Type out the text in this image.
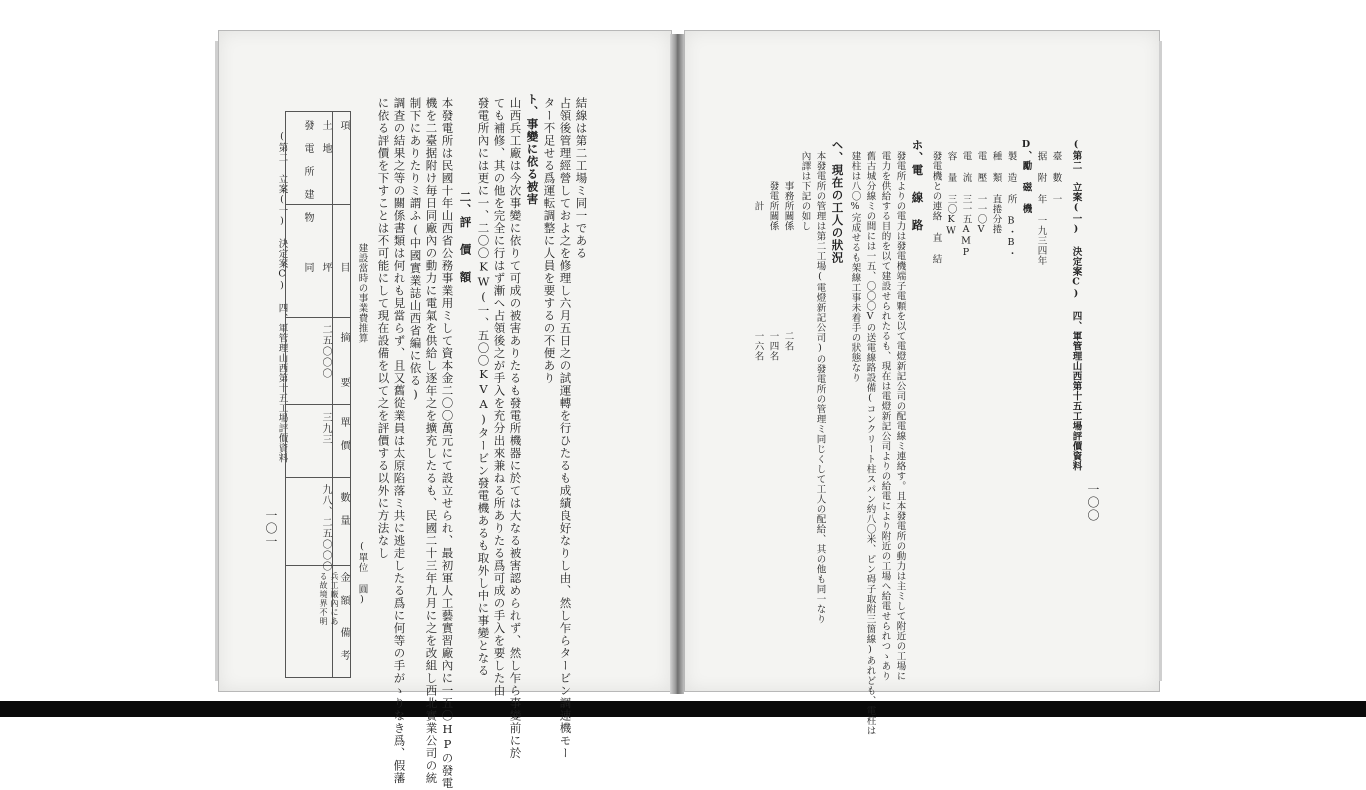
一〇一
(第二 立案(一) 決定案C) 四、軍管理山西第十五工場評價資料
項
目
摘
要
單 價
數 量
金 額
備 考
土 地
坪
二五〇〇〇
三九三
九八、二五〇〇〇
兵工廠內にある故境界不明
發 電 所 建 物
同	建設當時の事業費推算
(單位 圓)
に依る評價を下すことは不可能にして現在設備を以て之を評價する以外に方法なし 調査の結果之等の關係書類は何れも見當らず、且又舊從業員は太原陷落ミ共に逃走したる爲に何等の手がゝりなき爲、假藩 制下にありたりミ謂ふ(中國實業誌山西省編に依る) 機を二臺据附け毎日同廠內の動力に電氣を供給し逐年之を擴充したるも、民國二十三年九月に之を改組し西北實業公司の統 本發電所は民國十年山西省公務事業用ミして資本金二〇〇萬元にて設立せられ、最初軍人工藝實習廠內に一五〇HPの發電 二、評 價 額 發電所內には更に一、二〇〇KW(一、五〇〇KVA)タービン發電機あるも取外し中に事變となる ても補修、其の他を完全に行はず漸へ占領後之が手入を充分出來兼ねる所ありたる爲可成の手入を要した由 山西兵工廠は今次事變に依りて可成の被害ありたるも發電所機器に於ては大なる被害認められず、然し乍ら事變前に於 ト、事變に依る被害 ター不足せる爲運転調整に人員を要するの不便あり 占領後管理經營しておよ之を修理し六月五日之の試運轉を行ひたるも成績良好なりし由、然し乍らタービン調速機モー 結線は第二工場ミ同一である
一〇〇
(第二 立案(一) 決定案C) 四、軍管理山西第十五工場評價資料
臺 數 一
据 附 年 一九三四年
D、勵 磁 機
製 造 所 B・B・
種 類 直捲分捲
電 壓 一一〇V
電 流 三一五AMP
容 量 三〇KW
發電機との連絡 直 結
ホ、電 線 路
發電所よりの電力は發電機端子電顆を以て電燈新記公司の配電線ミ連絡す。且本發電所の動力は主ミして附近の工場に
電力を供給する目的を以て建設せられたるも、現在は電燈新記公司よりの給電により附近の工場へ給電せられつゝあり
舊古城分線ミの間には一五、〇〇〇Vの送電線路設備(コンクリート柱スパン約八〇米、ピン碍子取附三箇線)あれども、電柱は
建柱は八〇%完成せるも架線工事未着手の狀態なり
ヘ、現在の工人の狀況
本發電所の管理は第二工場(電燈新記公司)の發電所の管理ミ同じくして工人の配給、其の他も同一なり
內譯は下記の如し
事務所關係
二名
發電所關係
一四名
計
一六名
